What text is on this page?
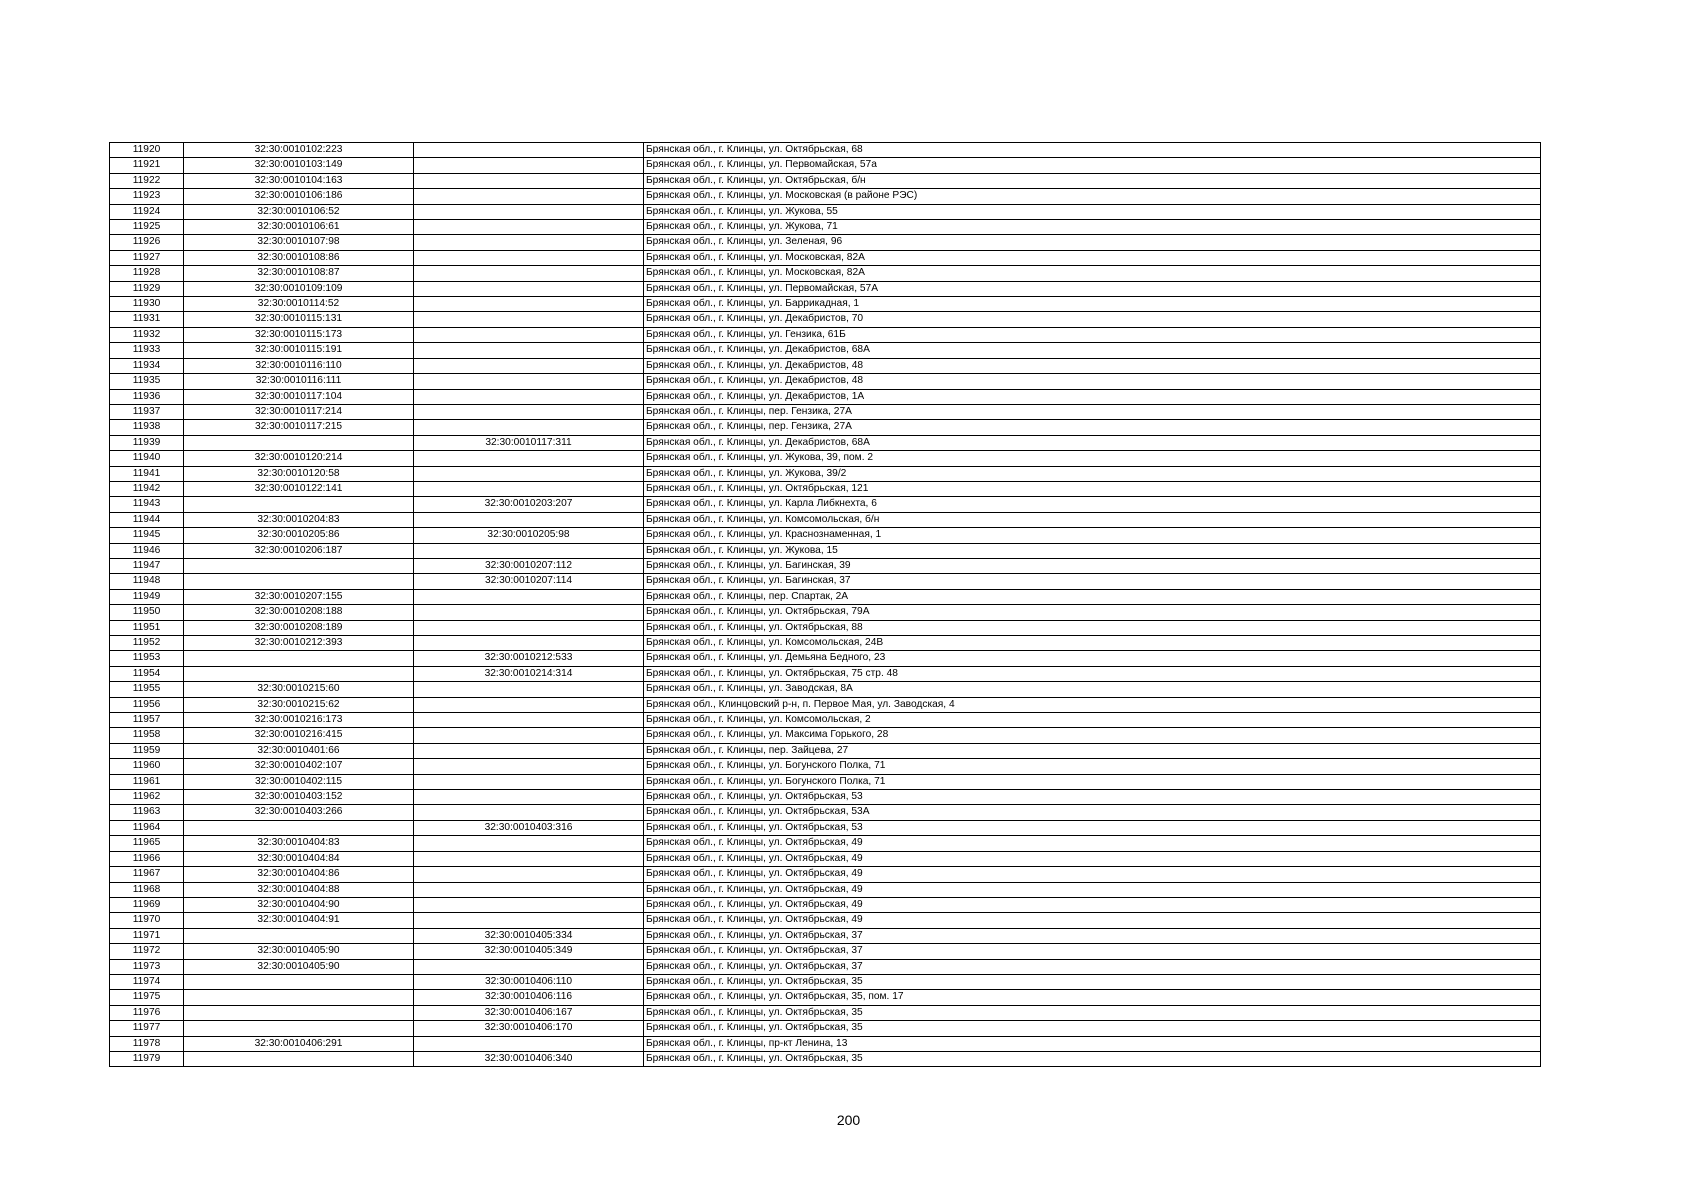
11920	32:30:0010102:223		Брянская обл., г. Клинцы, ул. Октябрьская, 68
11921	32:30:0010103:149		Брянская обл., г. Клинцы, ул. Первомайская, 57а
11922	32:30:0010104:163		Брянская обл., г. Клинцы, ул. Октябрьская, б/н
11923	32:30:0010106:186		Брянская обл., г. Клинцы, ул. Московская (в районе РЭС)
11924	32:30:0010106:52		Брянская обл., г. Клинцы, ул. Жукова, 55
11925	32:30:0010106:61		Брянская обл., г. Клинцы, ул. Жукова, 71
11926	32:30:0010107:98		Брянская обл., г. Клинцы, ул. Зеленая, 96
11927	32:30:0010108:86		Брянская обл., г. Клинцы, ул. Московская, 82А
11928	32:30:0010108:87		Брянская обл., г. Клинцы, ул. Московская, 82А
11929	32:30:0010109:109		Брянская обл., г. Клинцы, ул. Первомайская, 57А
11930	32:30:0010114:52		Брянская обл., г. Клинцы, ул. Баррикадная, 1
11931	32:30:0010115:131		Брянская обл., г. Клинцы, ул. Декабристов, 70
11932	32:30:0010115:173		Брянская обл., г. Клинцы, ул. Гензика, 61Б
11933	32:30:0010115:191		Брянская обл., г. Клинцы, ул. Декабристов, 68А
11934	32:30:0010116:110		Брянская обл., г. Клинцы, ул. Декабристов, 48
11935	32:30:0010116:111		Брянская обл., г. Клинцы, ул. Декабристов, 48
11936	32:30:0010117:104		Брянская обл., г. Клинцы, ул. Декабристов, 1А
11937	32:30:0010117:214		Брянская обл., г. Клинцы, пер. Гензика, 27А
11938	32:30:0010117:215		Брянская обл., г. Клинцы, пер. Гензика, 27А
11939		32:30:0010117:311	Брянская обл., г. Клинцы, ул. Декабристов, 68А
11940	32:30:0010120:214		Брянская обл., г. Клинцы, ул. Жукова, 39, пом. 2
11941	32:30:0010120:58		Брянская обл., г. Клинцы, ул. Жукова, 39/2
11942	32:30:0010122:141		Брянская обл., г. Клинцы, ул. Октябрьская, 121
11943		32:30:0010203:207	Брянская обл., г. Клинцы, ул. Карла Либкнехта, 6
11944	32:30:0010204:83		Брянская обл., г. Клинцы, ул. Комсомольская, б/н
11945	32:30:0010205:86	32:30:0010205:98	Брянская обл., г. Клинцы, ул. Краснознаменная, 1
11946	32:30:0010206:187		Брянская обл., г. Клинцы, ул. Жукова, 15
11947		32:30:0010207:112	Брянская обл., г. Клинцы, ул. Багинская, 39
11948		32:30:0010207:114	Брянская обл., г. Клинцы, ул. Багинская, 37
11949	32:30:0010207:155		Брянская обл., г. Клинцы, пер. Спартак, 2А
11950	32:30:0010208:188		Брянская обл., г. Клинцы, ул. Октябрьская, 79А
11951	32:30:0010208:189		Брянская обл., г. Клинцы, ул. Октябрьская, 88
11952	32:30:0010212:393		Брянская обл., г. Клинцы, ул. Комсомольская, 24В
11953		32:30:0010212:533	Брянская обл., г. Клинцы, ул. Демьяна Бедного, 23
11954		32:30:0010214:314	Брянская обл., г. Клинцы, ул. Октябрьская, 75 стр. 48
11955	32:30:0010215:60		Брянская обл., г. Клинцы, ул. Заводская, 8А
11956	32:30:0010215:62		Брянская обл., Клинцовский р-н, п. Первое Мая, ул. Заводская, 4
11957	32:30:0010216:173		Брянская обл., г. Клинцы, ул. Комсомольская, 2
11958	32:30:0010216:415		Брянская обл., г. Клинцы, ул. Максима Горького, 28
11959	32:30:0010401:66		Брянская обл., г. Клинцы, пер. Зайцева, 27
11960	32:30:0010402:107		Брянская обл., г. Клинцы, ул. Богунского Полка, 71
11961	32:30:0010402:115		Брянская обл., г. Клинцы, ул. Богунского Полка, 71
11962	32:30:0010403:152		Брянская обл., г. Клинцы, ул. Октябрьская, 53
11963	32:30:0010403:266		Брянская обл., г. Клинцы, ул. Октябрьская, 53А
11964		32:30:0010403:316	Брянская обл., г. Клинцы, ул. Октябрьская, 53
11965	32:30:0010404:83		Брянская обл., г. Клинцы, ул. Октябрьская, 49
11966	32:30:0010404:84		Брянская обл., г. Клинцы, ул. Октябрьская, 49
11967	32:30:0010404:86		Брянская обл., г. Клинцы, ул. Октябрьская, 49
11968	32:30:0010404:88		Брянская обл., г. Клинцы, ул. Октябрьская, 49
11969	32:30:0010404:90		Брянская обл., г. Клинцы, ул. Октябрьская, 49
11970	32:30:0010404:91		Брянская обл., г. Клинцы, ул. Октябрьская, 49
11971		32:30:0010405:334	Брянская обл., г. Клинцы, ул. Октябрьская, 37
11972	32:30:0010405:90	32:30:0010405:349	Брянская обл., г. Клинцы, ул. Октябрьская, 37
11973	32:30:0010405:90		Брянская обл., г. Клинцы, ул. Октябрьская, 37
11974		32:30:0010406:110	Брянская обл., г. Клинцы, ул. Октябрьская, 35
11975		32:30:0010406:116	Брянская обл., г. Клинцы, ул. Октябрьская, 35, пом. 17
11976		32:30:0010406:167	Брянская обл., г. Клинцы, ул. Октябрьская, 35
11977		32:30:0010406:170	Брянская обл., г. Клинцы, ул. Октябрьская, 35
11978	32:30:0010406:291		Брянская обл., г. Клинцы, пр-кт Ленина, 13
11979		32:30:0010406:340	Брянская обл., г. Клинцы, ул. Октябрьская, 35
200
